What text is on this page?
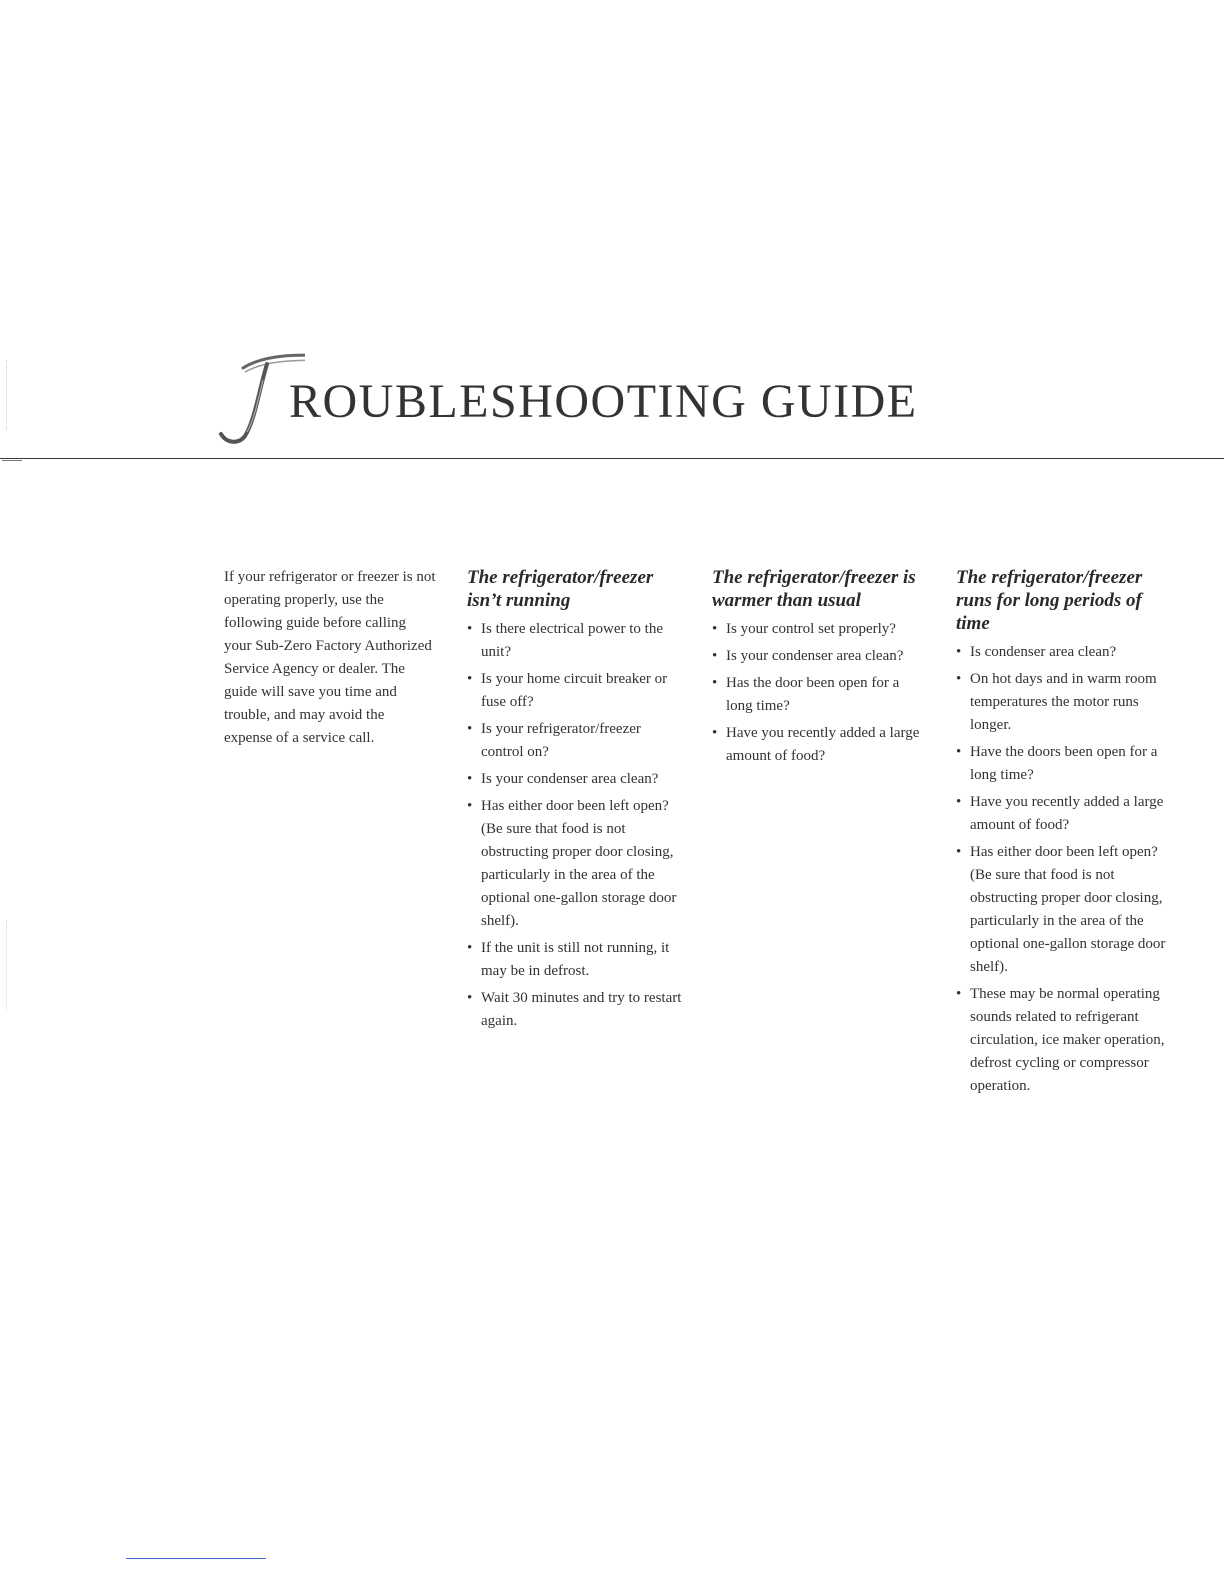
ROUBLESHOOTING GUIDE

If your refrigerator or freezer is not operating properly, use the following guide before calling your Sub-Zero Factory Authorized Service Agency or dealer. The guide will save you time and trouble, and may avoid the expense of a service call.

The refrigerator/freezer isn’t running
• Is there electrical power to the unit?
• Is your home circuit breaker or fuse off?
• Is your refrigerator/freezer control on?
• Is your condenser area clean?
• Has either door been left open? (Be sure that food is not obstructing proper door closing, particularly in the area of the optional one-gallon storage door shelf).
• If the unit is still not running, it may be in defrost.
• Wait 30 minutes and try to restart again.
The refrigerator/freezer is warmer than usual
• Is your control set properly?
• Is your condenser area clean?
• Has the door been open for a long time?
• Have you recently added a large amount of food?
The refrigerator/freezer runs for long periods of time
• Is condenser area clean?
• On hot days and in warm room temperatures the motor runs longer.
• Have the doors been open for a long time?
• Have you recently added a large amount of food?
• Has either door been left open? (Be sure that food is not obstructing proper door closing, particularly in the area of the optional one-gallon storage door shelf).
• These may be normal operating sounds related to refrigerant circulation, ice maker operation, defrost cycling or compressor operation.
